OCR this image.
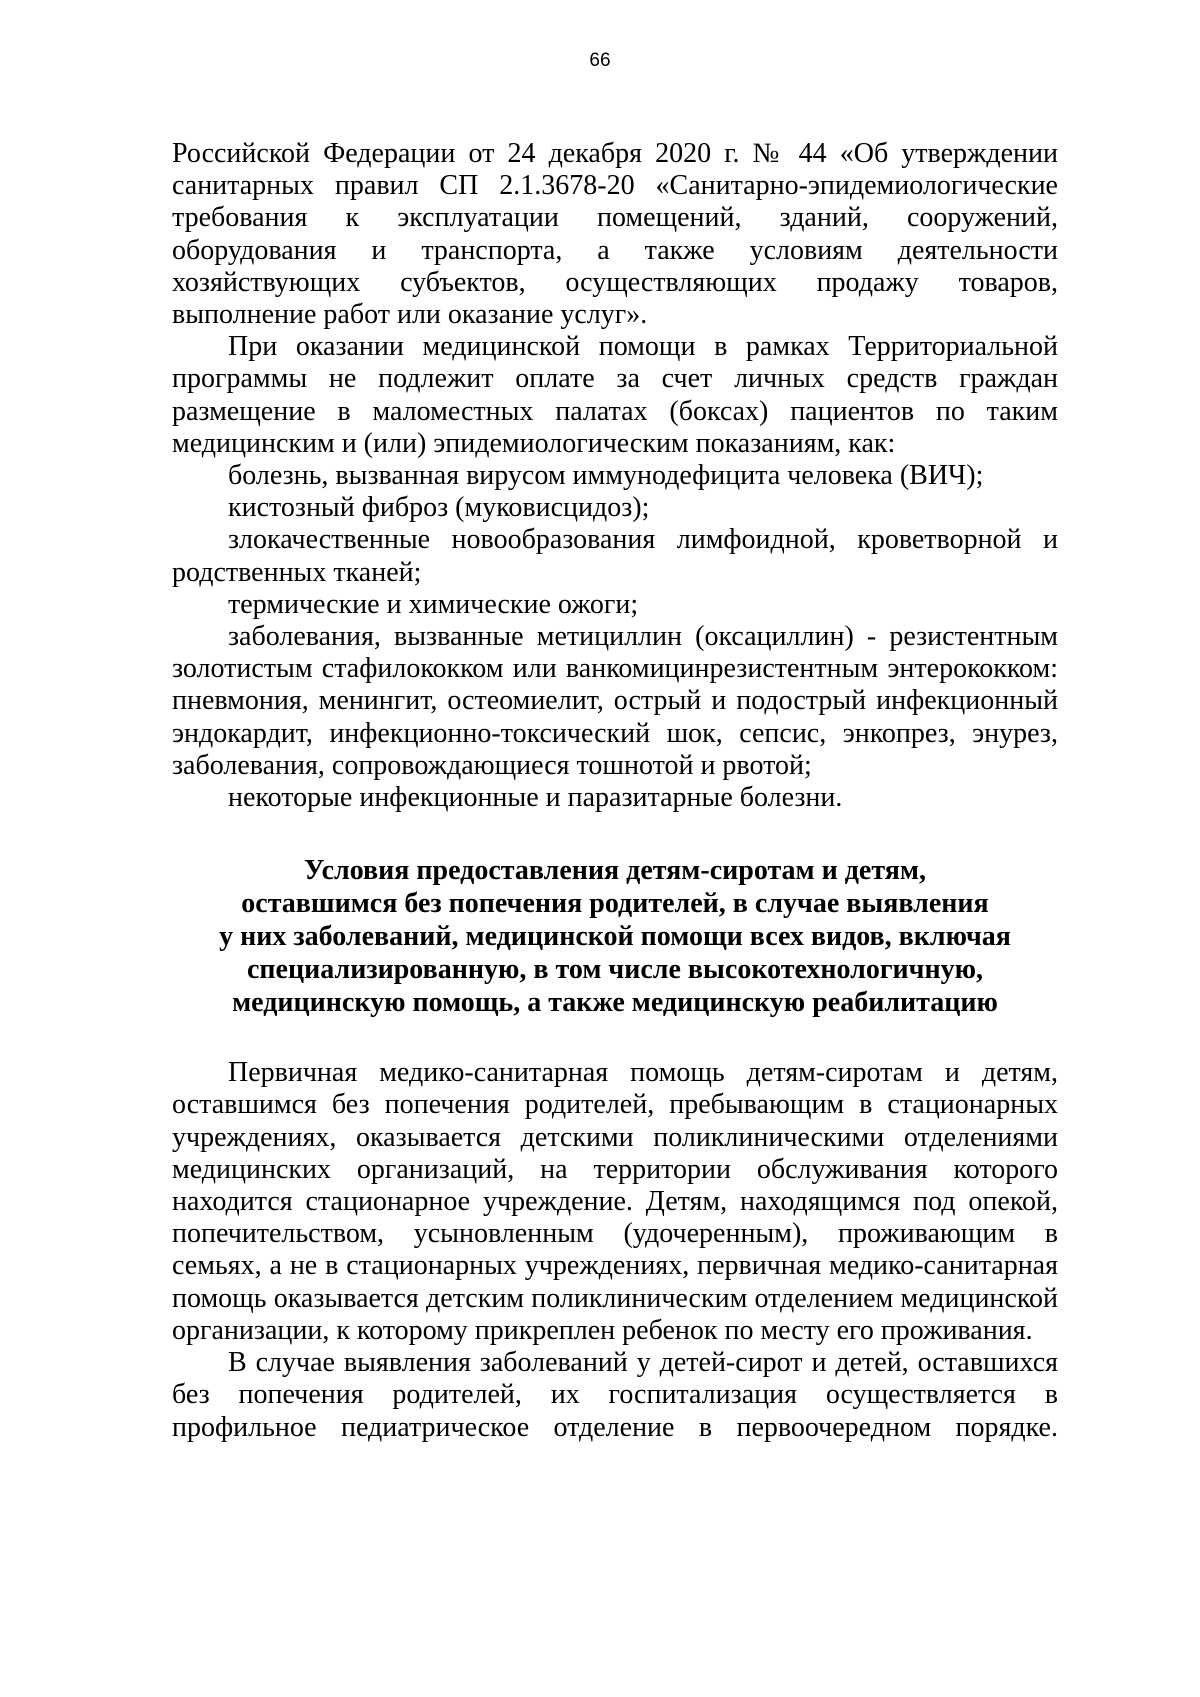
66

Российской Федерации от 24 декабря 2020 г. № 44 «Об утверждении санитарных правил СП 2.1.3678-20 «Санитарно-эпидемиологические требования к эксплуатации помещений, зданий, сооружений, оборудования и транспорта, а также условиям деятельности хозяйствующих субъектов, осуществляющих продажу товаров, выполнение работ или оказание услуг».

При оказании медицинской помощи в рамках Территориальной программы не подлежит оплате за счет личных средств граждан размещение в маломестных палатах (боксах) пациентов по таким медицинским и (или) эпидемиологическим показаниям, как:

болезнь, вызванная вирусом иммунодефицита человека (ВИЧ);

кистозный фиброз (муковисцидоз);

злокачественные новообразования лимфоидной, кроветворной и родственных тканей;

термические и химические ожоги;

заболевания, вызванные метициллин (оксациллин) - резистентным золотистым стафилококком или ванкомицинрезистентным энтерококком: пневмония, менингит, остеомиелит, острый и подострый инфекционный эндокардит, инфекционно-токсический шок, сепсис, энкопрез, энурез, заболевания, сопровождающиеся тошнотой и рвотой;

некоторые инфекционные и паразитарные болезни.

Условия предоставления детям-сиротам и детям,
оставшимся без попечения родителей, в случае выявления
у них заболеваний, медицинской помощи всех видов, включая
специализированную, в том числе высокотехнологичную,
медицинскую помощь, а также медицинскую реабилитацию

Первичная медико-санитарная помощь детям-сиротам и детям, оставшимся без попечения родителей, пребывающим в стационарных учреждениях, оказывается детскими поликлиническими отделениями медицинских организаций, на территории обслуживания которого находится стационарное учреждение. Детям, находящимся под опекой, попечительством, усыновленным (удочеренным), проживающим в семьях, а не в стационарных учреждениях, первичная медико-санитарная помощь оказывается детским поликлиническим отделением медицинской организации, к которому прикреплен ребенок по месту его проживания.

В случае выявления заболеваний у детей-сирот и детей, оставшихся без попечения родителей, их госпитализация осуществляется в профильное педиатрическое отделение в первоочередном порядке.
